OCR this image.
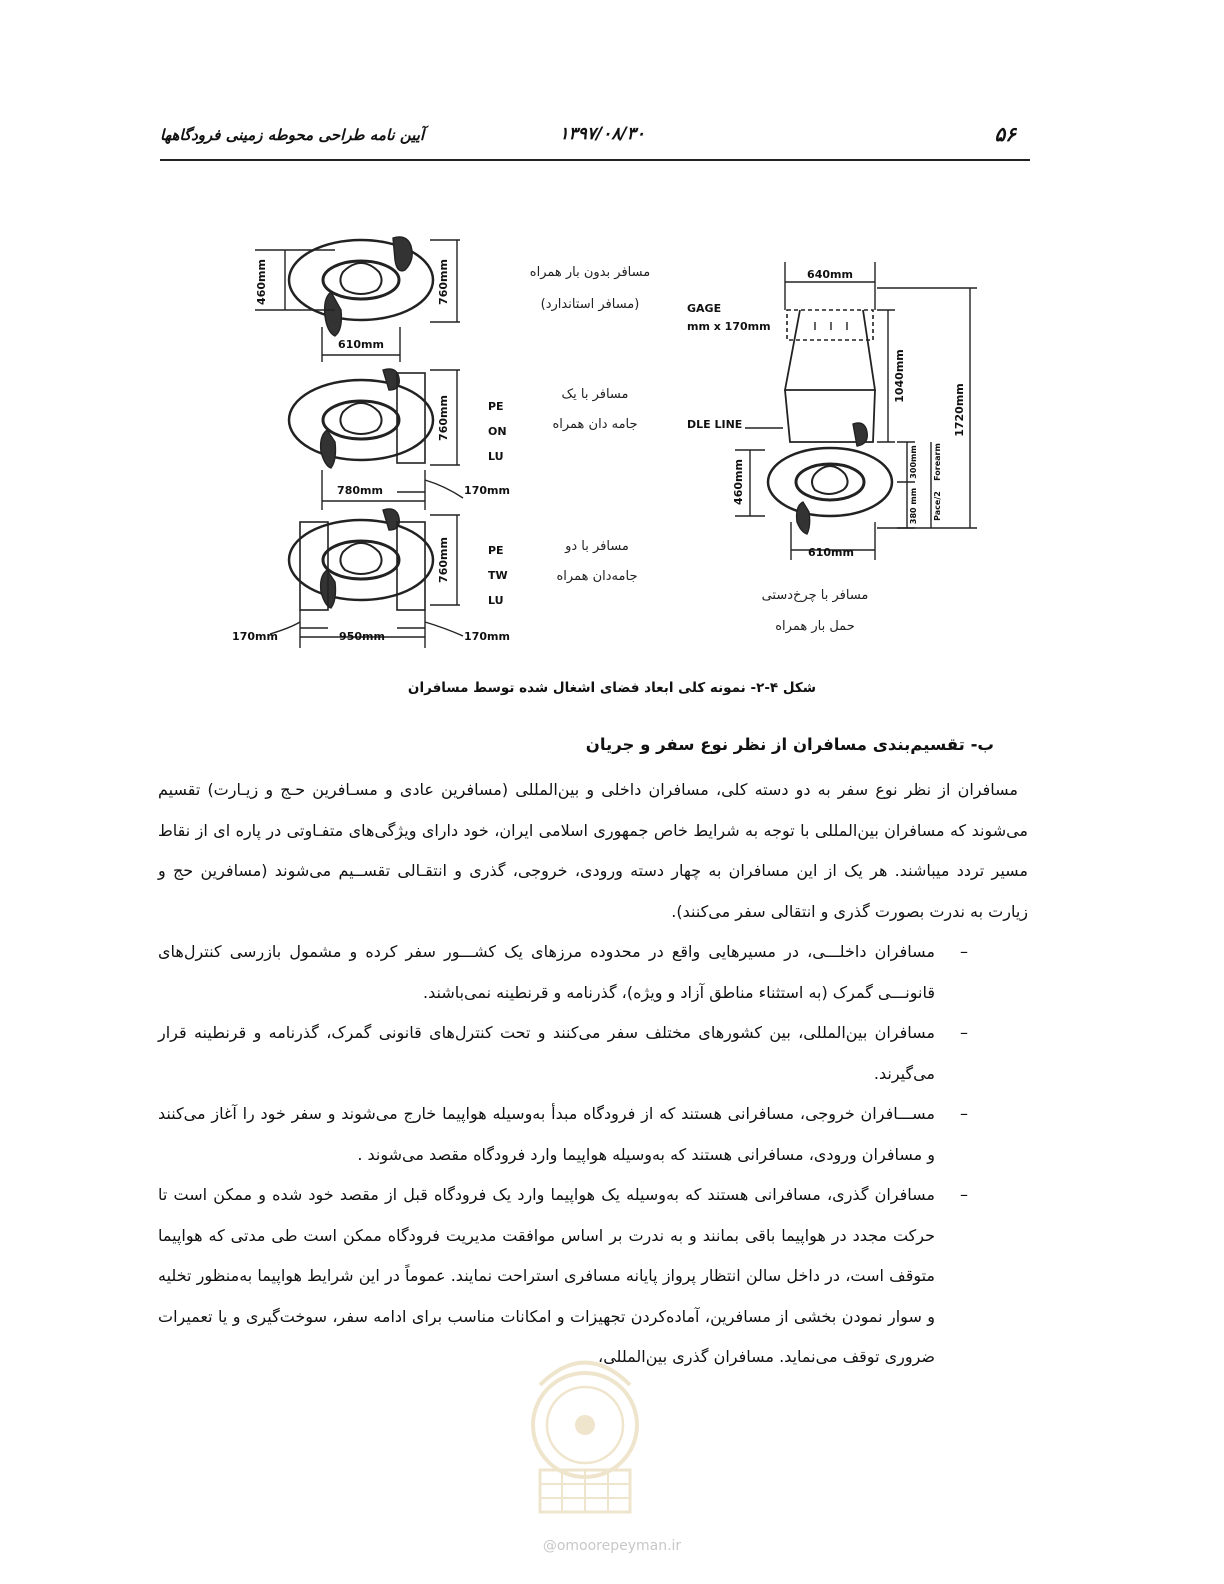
۵۶
۱۳۹۷/۰۸/۳۰
آیین نامه طراحی محوطه زمینی فرودگاهها
460mm	760mm
610mm
760mm
780mm	170mm
PE
ON
LU
760mm	PE
TW
LU
170mm	950mm	170mm
640mm
GAGE
mm x 170mm
DLE LINE
1040mm
1720mm
460mm	300mm
380 mm
Forearm
Pace/2
610mm
مسافر بدون بار همراه
(مسافر استاندارد)
مسافر با یک
جامه دان همراه
مسافر با دو
جامه‌دان همراه
مسافر با چرخ‌دستی
حمل بار همراه
شکل ۴-۲- نمونه کلی ابعاد فضای اشغال شده توسط مسافران
ب- تقسیم‌بندی مسافران از نظر نوع سفر و جریان

مسافران از نظر نوع سفر به دو دسته کلی، مسافران داخلی و بین‌المللی (مسافرین عادی و مسـافرین حـج و زیـارت) تقسیم می‌شوند که مسافران بین‌المللی با توجه به شرایط خاص جمهوری اسلامی ایران، خود دارای ویژگی‌های متفـاوتی در پاره ای از نقاط مسیر تردد میباشند. هر یک از این مسافران به چهار دسته ورودی، خروجی، گذری و انتقـالی تقســیم می‌شوند (مسافرین حج و زیارت به ندرت بصورت گذری و انتقالی سفر می‌کنند).

–
مسافران داخلـــی، در مسیرهایی واقع در محدوده مرزهای یک کشـــور سفر کرده و مشمول بازرسی کنترل‌های قانونـــی گمرک (به استثناء مناطق آزاد و ویژه)، گذرنامه و قرنطینه نمی‌باشند.
–
مسافران بین‌المللی، بین کشورهای مختلف سفر می‌کنند و تحت کنترل‌های قانونی گمرک، گذرنامه و قرنطینه قرار می‌گیرند.
–
مســـافران خروجی، مسافرانی هستند که از فرودگاه مبدأ به‌وسیله هواپیما خارج می‌شوند و سفر خود را آغاز می‌کنند و مسافران ورودی، مسافرانی هستند که به‌وسیله هواپیما وارد فرودگاه مقصد می‌شوند .
–
مسافران گذری، مسافرانی هستند که به‌وسیله یک هواپیما وارد یک فرودگاه قبل از مقصد خود شده و ممکن است تا حرکت مجدد در هواپیما باقی بمانند و به ندرت بر اساس موافقت مدیریت فرودگاه ممکن است طی مدتی که هواپیما متوقف است، در داخل سالن انتظار پرواز پایانه مسافری استراحت نمایند. عموماً در این شرایط هواپیما به‌منظور تخلیه و سوار نمودن بخشی از مسافرین، آماده‌کردن تجهیزات و امکانات مناسب برای ادامه سفر، سوخت‌گیری و یا تعمیرات ضروری توقف می‌نماید. مسافران گذری بین‌المللی،
@omoorepeyman.ir
